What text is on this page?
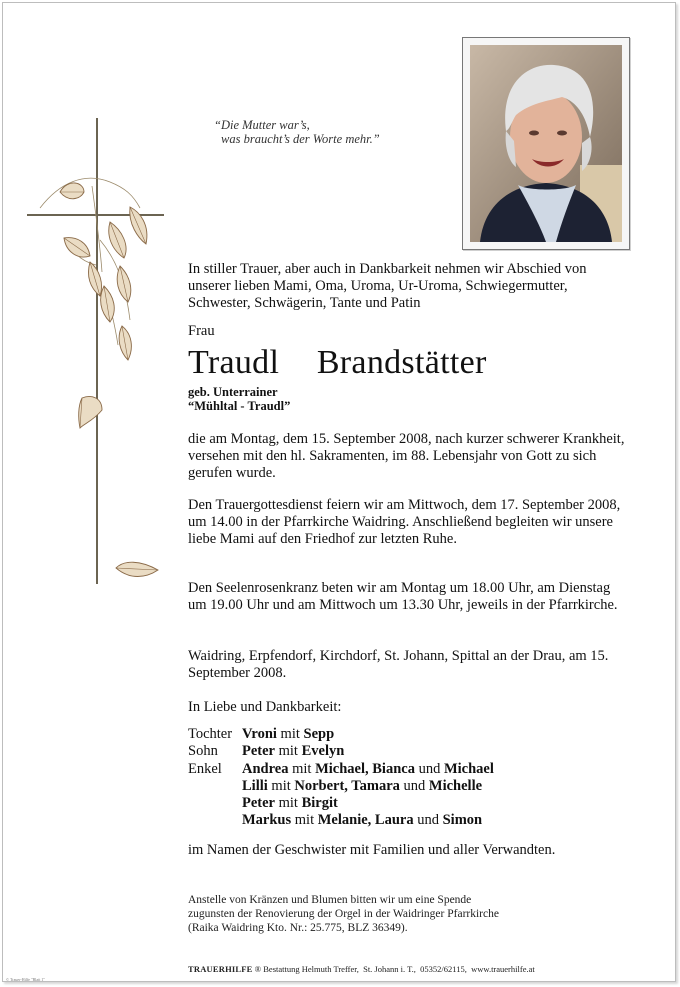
“Die Mutter war’s,
was braucht’s der Worte mehr.”
In stiller Trauer, aber auch in Dankbarkeit nehmen wir Abschied von unserer lieben Mami, Oma, Uroma, Ur-Uroma, Schwiegermutter, Schwester, Schwägerin, Tante und Patin
Frau
Traudl  Brandstätter
geb. Unterrainer
“Mühltal - Traudl”
die am Montag, dem 15. September 2008, nach kurzer schwerer Krankheit, versehen mit den hl. Sakramenten, im 88. Lebensjahr von Gott zu sich gerufen wurde.
Den Trauergottesdienst feiern wir am Mittwoch, dem 17. September 2008, um 14.00 in der Pfarrkirche Waidring. Anschließend begleiten wir unsere liebe Mami auf den Friedhof zur letzten Ruhe.
Den Seelenrosenkranz beten wir am Montag um 18.00 Uhr, am Dienstag um 19.00 Uhr und am Mittwoch um 13.30 Uhr, jeweils in der Pfarrkirche.
Waidring, Erpfendorf, Kirchdorf, St. Johann, Spittal an der Drau, am 15. September 2008.
In Liebe und Dankbarkeit:
Tochter Vroni mit Sepp
Sohn	Peter mit Evelyn
Enkel	Andrea mit Michael, Bianca und Michael
Lilli mit Norbert, Tamara und Michelle
Peter mit Birgit
Markus mit Melanie, Laura und Simon
im Namen der Geschwister mit Familien und aller Verwandten.
Anstelle von Kränzen und Blumen bitten wir um eine Spende
zugunsten der Renovierung der Orgel in der Waidringer Pfarrkirche
(Raika Waidring Kto. Nr.: 25.775, BLZ 36349).
TRAUERHILFE ® Bestattung Helmuth Treffer,  St. Johann i. T.,  05352/62115,  www.trauerhilfe.at
© Trauer-Hilfe "Blatt 1"
